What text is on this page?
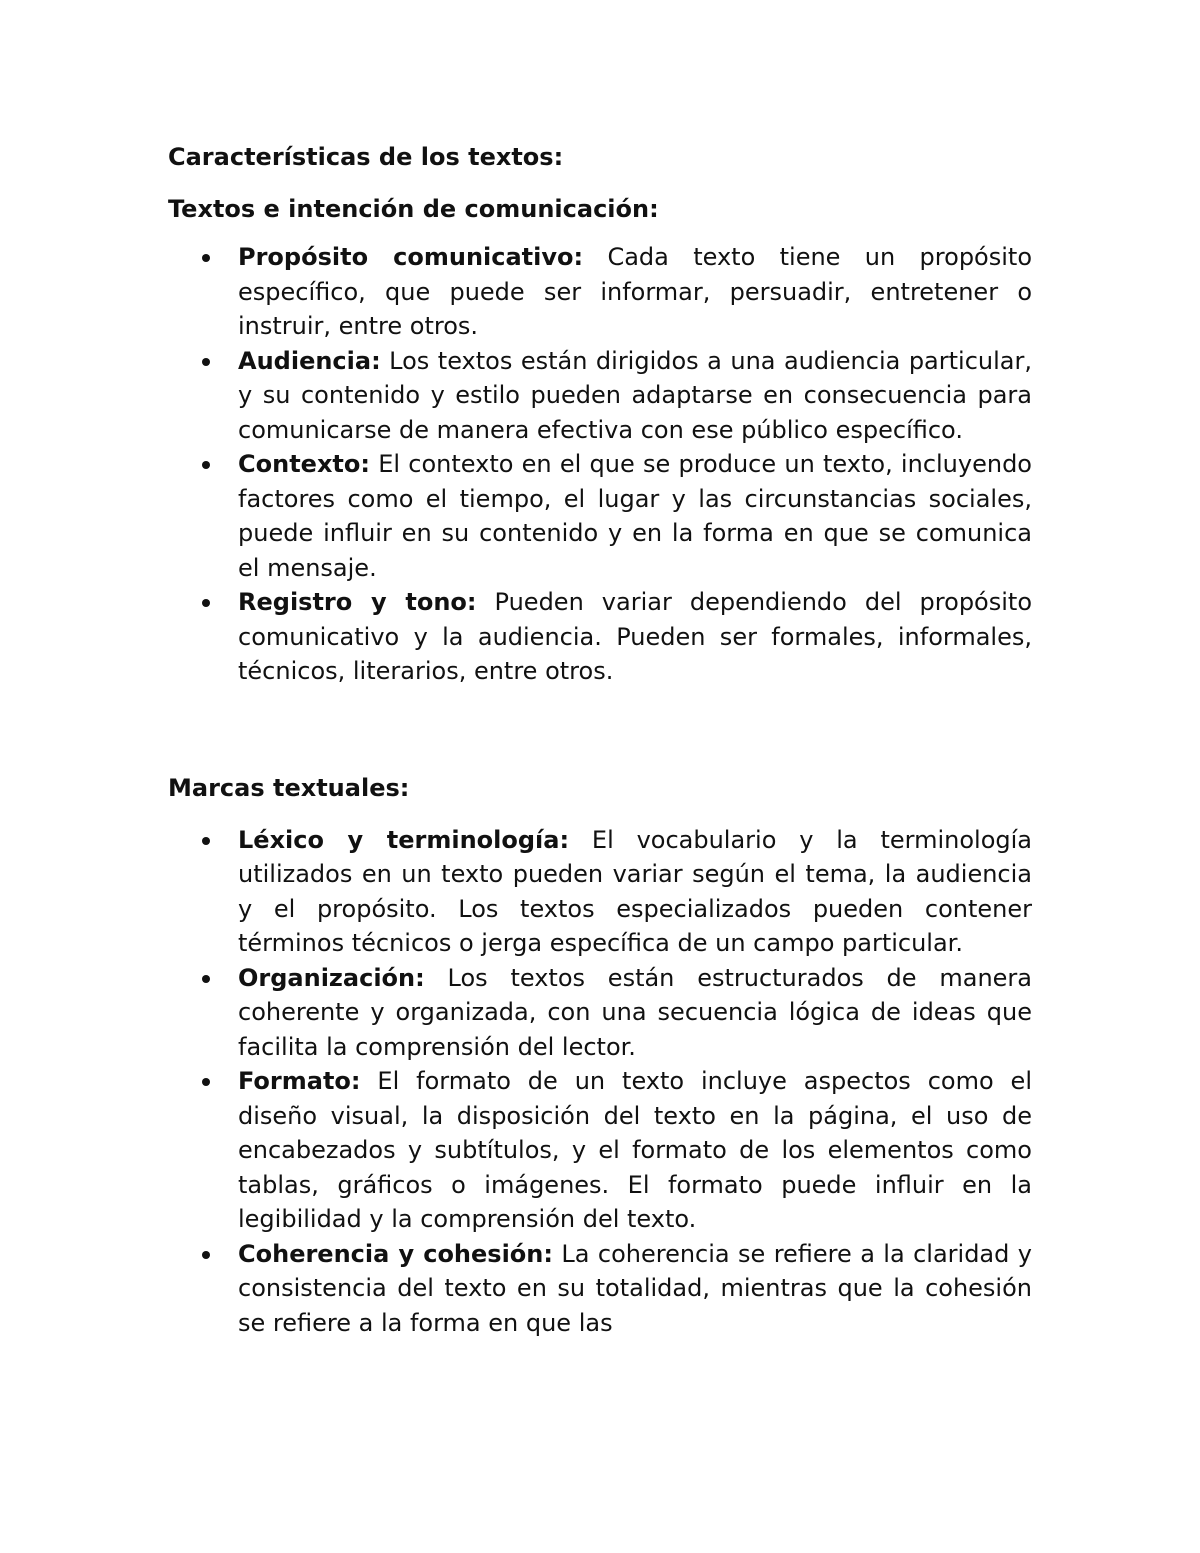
Características de los textos:

Textos e intención de comunicación:

Propósito comunicativo: Cada texto tiene un propósito específico, que puede ser informar, persuadir, entretener o instruir, entre otros.
Audiencia: Los textos están dirigidos a una audiencia particular, y su contenido y estilo pueden adaptarse en consecuencia para comunicarse de manera efectiva con ese público específico.
Contexto: El contexto en el que se produce un texto, incluyendo factores como el tiempo, el lugar y las circunstancias sociales, puede influir en su contenido y en la forma en que se comunica el mensaje.
Registro y tono: Pueden variar dependiendo del propósito comunicativo y la audiencia. Pueden ser formales, informales, técnicos, literarios, entre otros.

Marcas textuales:

Léxico y terminología: El vocabulario y la terminología utilizados en un texto pueden variar según el tema, la audiencia y el propósito. Los textos especializados pueden contener términos técnicos o jerga específica de un campo particular.
Organización: Los textos están estructurados de manera coherente y organizada, con una secuencia lógica de ideas que facilita la comprensión del lector.
Formato: El formato de un texto incluye aspectos como el diseño visual, la disposición del texto en la página, el uso de encabezados y subtítulos, y el formato de los elementos como tablas, gráficos o imágenes. El formato puede influir en la legibilidad y la comprensión del texto.
Coherencia y cohesión: La coherencia se refiere a la claridad y consistencia del texto en su totalidad, mientras que la cohesión se refiere a la forma en que las
